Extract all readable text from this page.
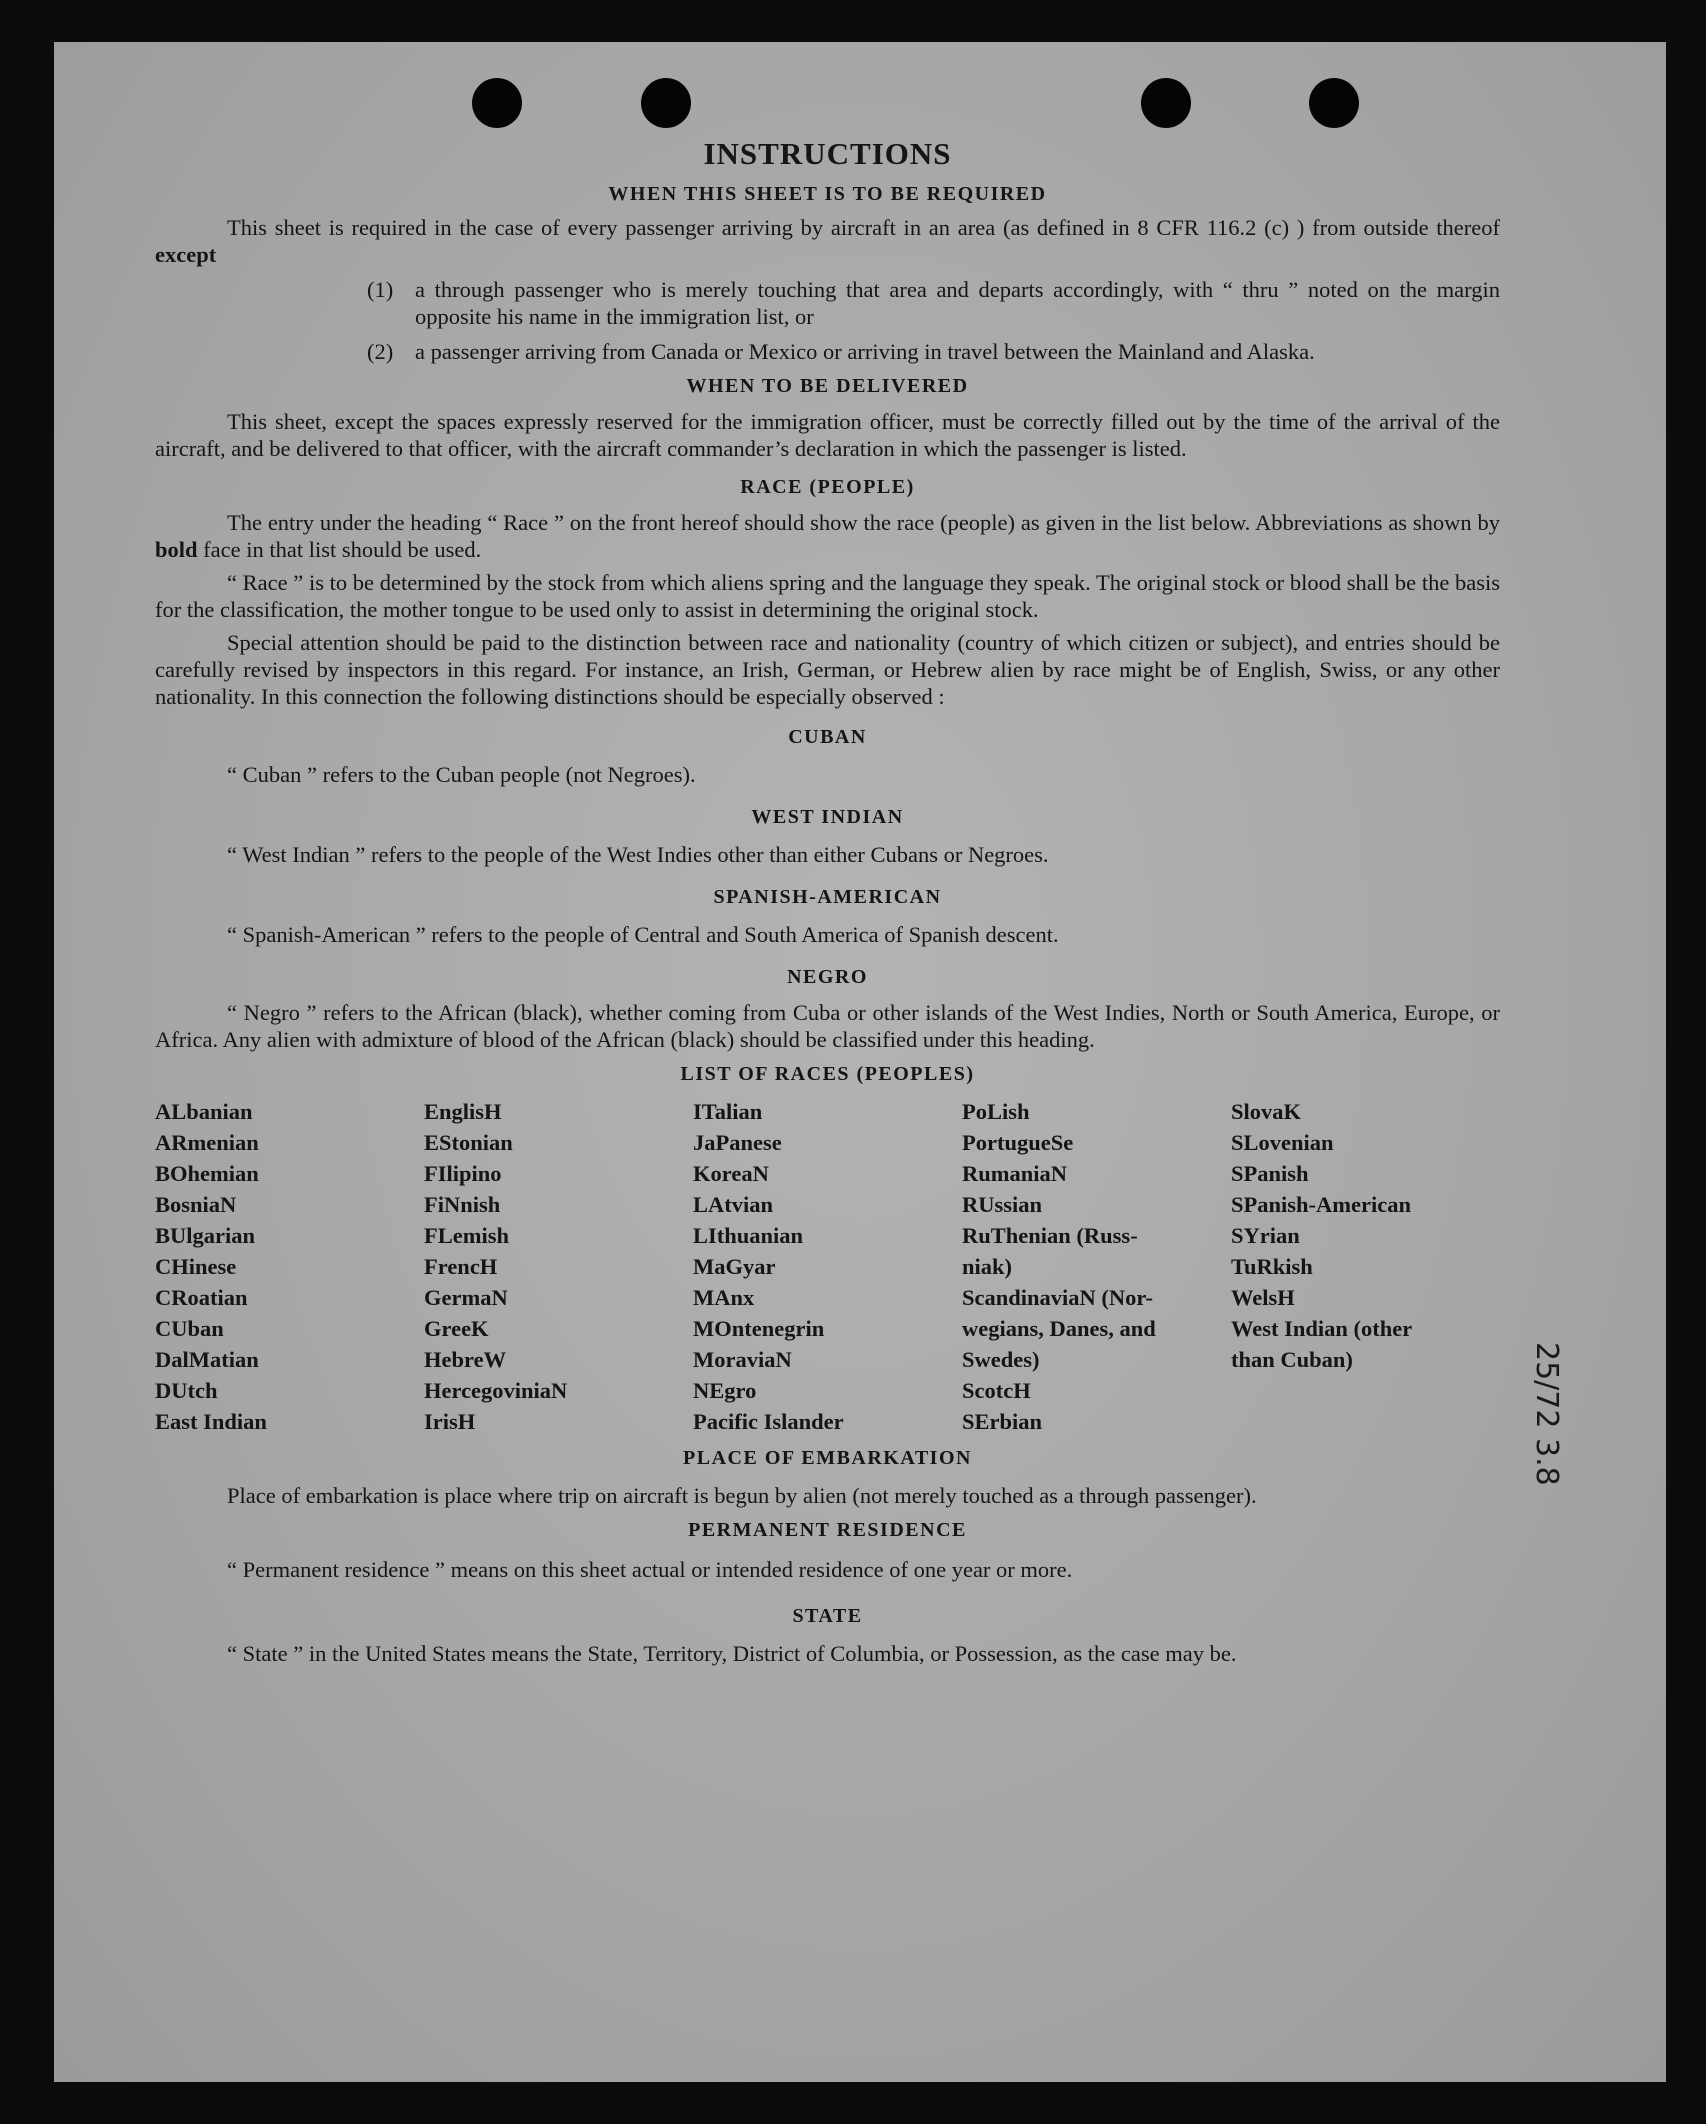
25/72 3.8
INSTRUCTIONS
WHEN THIS SHEET IS TO BE REQUIRED

This sheet is required in the case of every passenger arriving by aircraft in an area (as defined in 8 CFR 116.2 (c) ) from outside thereof except

(1) a through passenger who is merely touching that area and departs accordingly, with “ thru ” noted on the margin opposite his name in the immigration list, or
(2) a passenger arriving from Canada or Mexico or arriving in travel between the Mainland and Alaska.
WHEN TO BE DELIVERED

This sheet, except the spaces expressly reserved for the immigration officer, must be correctly filled out by the time of the arrival of the aircraft, and be delivered to that officer, with the aircraft commander’s declaration in which the passenger is listed.

RACE (PEOPLE)

The entry under the heading “ Race ” on the front hereof should show the race (people) as given in the list below. Abbreviations as shown by bold face in that list should be used.

“ Race ” is to be determined by the stock from which aliens spring and the language they speak. The original stock or blood shall be the basis for the classification, the mother tongue to be used only to assist in determining the original stock.

Special attention should be paid to the distinction between race and nationality (country of which citizen or subject), and entries should be carefully revised by inspectors in this regard. For instance, an Irish, German, or Hebrew alien by race might be of English, Swiss, or any other nationality. In this connection the following distinctions should be especially observed :

CUBAN

“ Cuban ” refers to the Cuban people (not Negroes).

WEST INDIAN

“ West Indian ” refers to the people of the West Indies other than either Cubans or Negroes.

SPANISH-AMERICAN

“ Spanish-American ” refers to the people of Central and South America of Spanish descent.

NEGRO

“ Negro ” refers to the African (black), whether coming from Cuba or other islands of the West Indies, North or South America, Europe, or Africa. Any alien with admixture of blood of the African (black) should be classified under this heading.

LIST OF RACES (PEOPLES)
ALbanian
ARmenian
BOhemian
BosniaN
BUlgarian
CHinese
CRoatian
CUban
DalMatian
DUtch
East Indian
EnglisH
EStonian
FIlipino
FiNnish
FLemish
FrencH
GermaN
GreeK
HebreW
HercegoviniaN
IrisH
ITalian
JaPanese
KoreaN
LAtvian
LIthuanian
MaGyar
MAnx
MOntenegrin
MoraviaN
NEgro
Pacific Islander
PoLish
PortugueSe
RumaniaN
RUssian
RuThenian (Russ-niak)
ScandinaviaN (Nor-wegians, Danes, and Swedes)
ScotcH
SErbian
SlovaK
SLovenian
SPanish
SPanish-American
SYrian
TuRkish
WelsH
West Indian (other than Cuban)
PLACE OF EMBARKATION

Place of embarkation is place where trip on aircraft is begun by alien (not merely touched as a through passenger).

PERMANENT RESIDENCE

“ Permanent residence ” means on this sheet actual or intended residence of one year or more.

STATE

“ State ” in the United States means the State, Territory, District of Columbia, or Possession, as the case may be.
